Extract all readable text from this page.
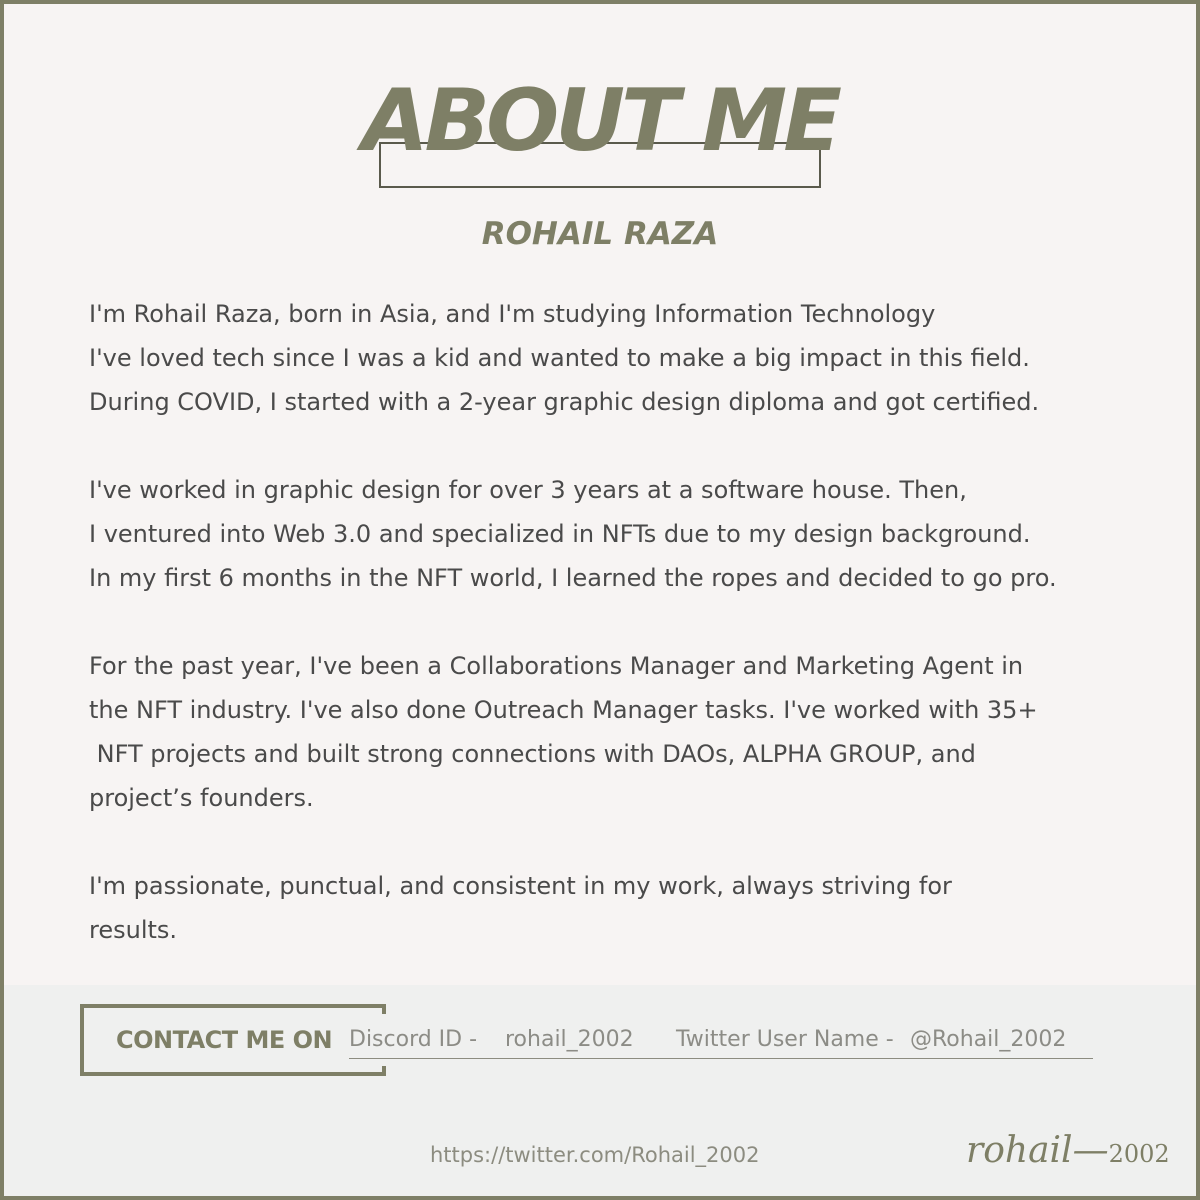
ABOUT ME
ROHAIL RAZA
I'm Rohail Raza, born in Asia, and I'm studying Information Technology
I've loved tech since I was a kid and wanted to make a big impact in this field.
During COVID, I started with a 2-year graphic design diploma and got certified.
I've worked in graphic design for over 3 years at a software house. Then,
I ventured into Web 3.0 and specialized in NFTs due to my design background.
In my first 6 months in the NFT world, I learned the ropes and decided to go pro.
For the past year, I've been a Collaborations Manager and Marketing Agent in
the NFT industry. I've also done Outreach Manager tasks. I've worked with 35+
NFT projects and built strong connections with DAOs, ALPHA GROUP, and
project’s founders.
I'm passionate, punctual, and consistent in my work, always striving for
results.
CONTACT ME ON Discord ID - rohail_2002 Twitter User Name - @Rohail_2002
https://twitter.com/Rohail_2002	rohail—2002
